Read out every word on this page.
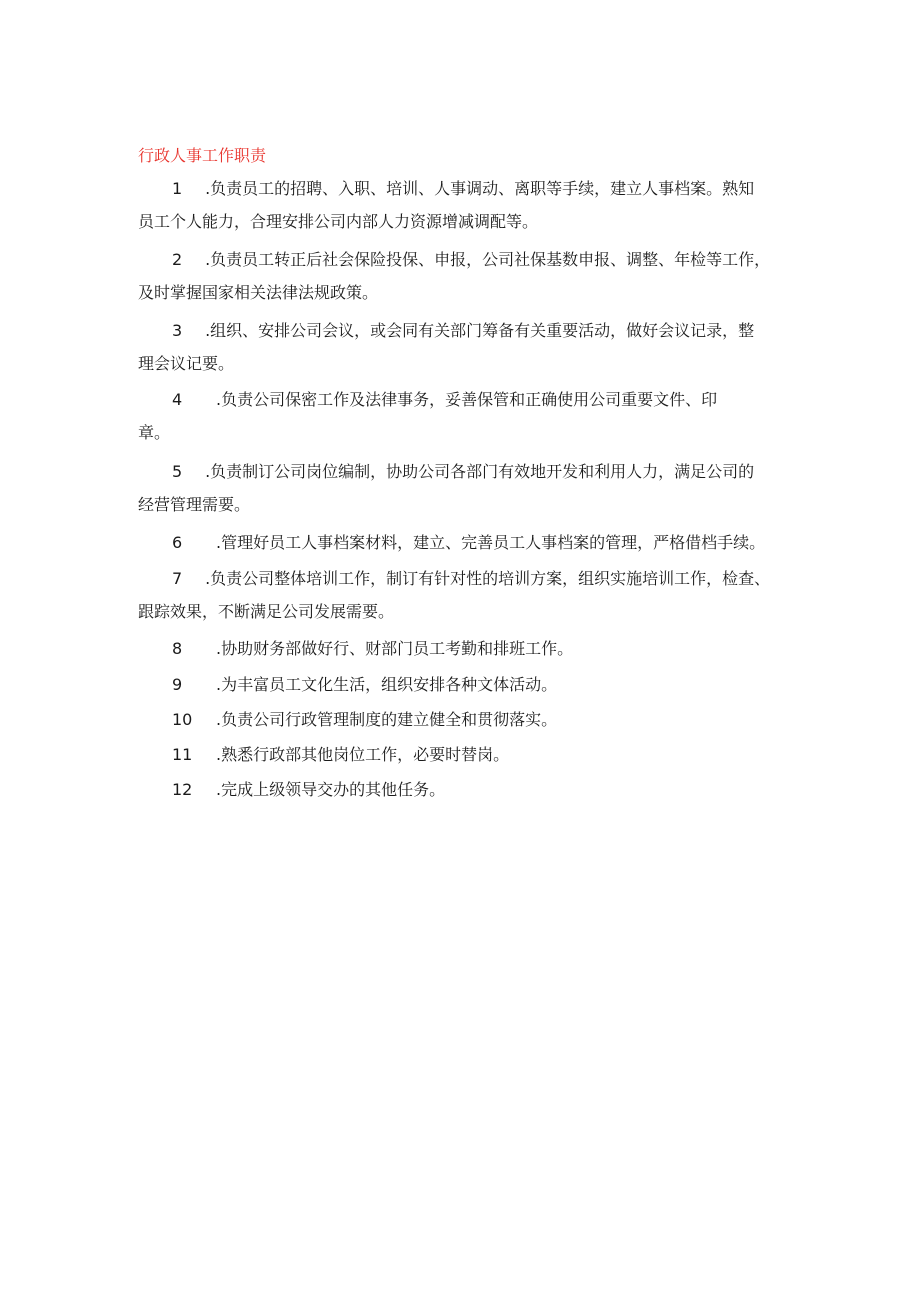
行政人事工作职责
1 .负责员工的招聘、入职、培训、人事调动、离职等手续，建立人事档案。熟知
员工个人能力，合理安排公司内部人力资源增减调配等。
2 .负责员工转正后社会保险投保、申报，公司社保基数申报、调整、年检等工作，
及时掌握国家相关法律法规政策。
3 .组织、安排公司会议，或会同有关部门筹备有关重要活动，做好会议记录，整
理会议记要。
4 .负责公司保密工作及法律事务，妥善保管和正确使用公司重要文件、印
章。
5 .负责制订公司岗位编制，协助公司各部门有效地开发和利用人力，满足公司的
经营管理需要。
6 .管理好员工人事档案材料，建立、完善员工人事档案的管理，严格借档手续。
7 .负责公司整体培训工作，制订有针对性的培训方案，组织实施培训工作，检查、
跟踪效果，不断满足公司发展需要。
8 .协助财务部做好行、财部门员工考勤和排班工作。
9 .为丰富员工文化生活，组织安排各种文体活动。
10 .负责公司行政管理制度的建立健全和贯彻落实。
11 .熟悉行政部其他岗位工作，必要时替岗。
12 .完成上级领导交办的其他任务。
